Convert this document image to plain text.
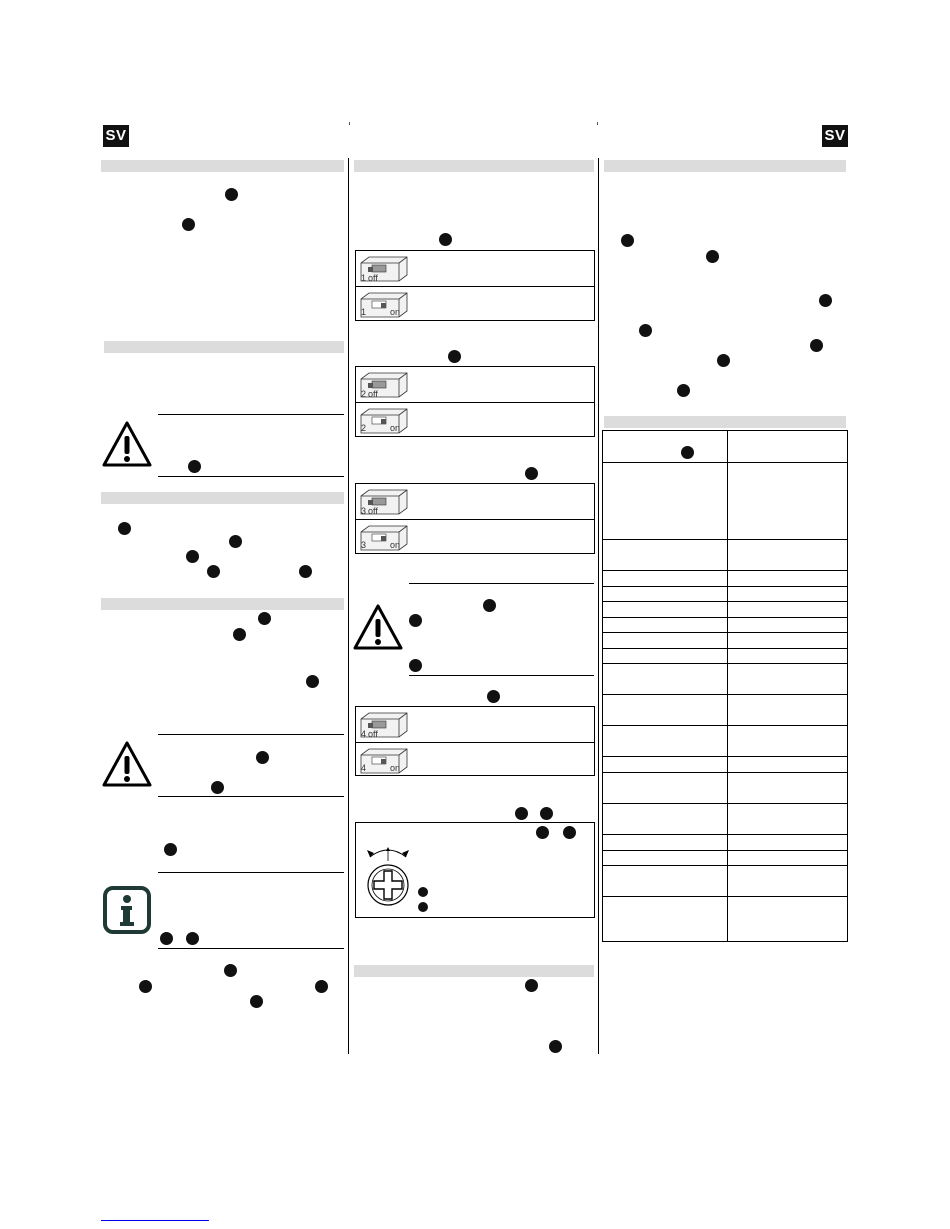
SV	SV
1 off
1	on
2 off
2	on
3 off
3	on
4 off
4	on
